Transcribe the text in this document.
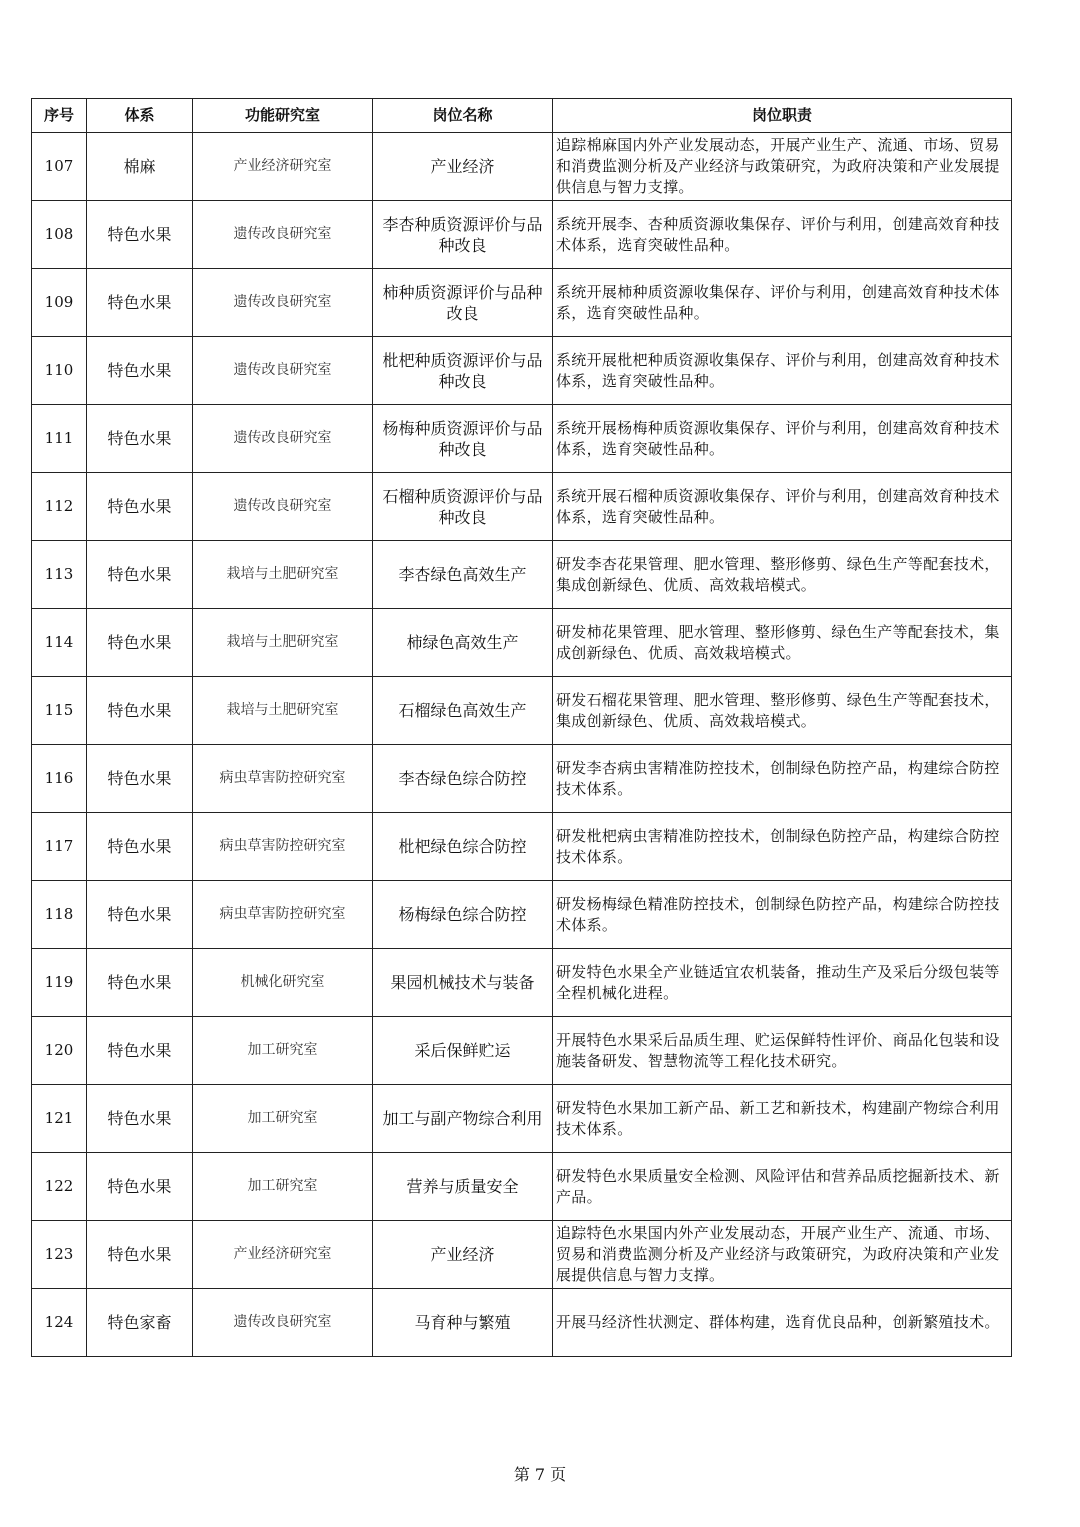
序号	体系	功能研究室	岗位名称	岗位职责
107	棉麻	产业经济研究室	产业经济	追踪棉麻国内外产业发展动态，开展产业生产、流通、市场、贸易和消费监测分析及产业经济与政策研究，为政府决策和产业发展提供信息与智力支撑。
108	特色水果	遗传改良研究室	李杏种质资源评价与品种改良	系统开展李、杏种质资源收集保存、评价与利用，创建高效育种技术体系，选育突破性品种。
109	特色水果	遗传改良研究室	柿种质资源评价与品种改良	系统开展柿种质资源收集保存、评价与利用，创建高效育种技术体系，选育突破性品种。
110	特色水果	遗传改良研究室	枇杷种质资源评价与品种改良	系统开展枇杷种质资源收集保存、评价与利用，创建高效育种技术体系，选育突破性品种。
111	特色水果	遗传改良研究室	杨梅种质资源评价与品种改良	系统开展杨梅种质资源收集保存、评价与利用，创建高效育种技术体系，选育突破性品种。
112	特色水果	遗传改良研究室	石榴种质资源评价与品种改良	系统开展石榴种质资源收集保存、评价与利用，创建高效育种技术体系，选育突破性品种。
113	特色水果	栽培与土肥研究室	李杏绿色高效生产	研发李杏花果管理、肥水管理、整形修剪、绿色生产等配套技术，集成创新绿色、优质、高效栽培模式。
114	特色水果	栽培与土肥研究室	柿绿色高效生产	研发柿花果管理、肥水管理、整形修剪、绿色生产等配套技术，集成创新绿色、优质、高效栽培模式。
115	特色水果	栽培与土肥研究室	石榴绿色高效生产	研发石榴花果管理、肥水管理、整形修剪、绿色生产等配套技术，集成创新绿色、优质、高效栽培模式。
116	特色水果	病虫草害防控研究室	李杏绿色综合防控	研发李杏病虫害精准防控技术，创制绿色防控产品，构建综合防控技术体系。
117	特色水果	病虫草害防控研究室	枇杷绿色综合防控	研发枇杷病虫害精准防控技术，创制绿色防控产品，构建综合防控技术体系。
118	特色水果	病虫草害防控研究室	杨梅绿色综合防控	研发杨梅绿色精准防控技术，创制绿色防控产品，构建综合防控技术体系。
119	特色水果	机械化研究室	果园机械技术与装备	研发特色水果全产业链适宜农机装备，推动生产及采后分级包装等全程机械化进程。
120	特色水果	加工研究室	采后保鲜贮运	开展特色水果采后品质生理、贮运保鲜特性评价、商品化包装和设施装备研发、智慧物流等工程化技术研究。
121	特色水果	加工研究室	加工与副产物综合利用	研发特色水果加工新产品、新工艺和新技术，构建副产物综合利用技术体系。
122	特色水果	加工研究室	营养与质量安全	研发特色水果质量安全检测、风险评估和营养品质挖掘新技术、新产品。
123	特色水果	产业经济研究室	产业经济	追踪特色水果国内外产业发展动态，开展产业生产、流通、市场、贸易和消费监测分析及产业经济与政策研究，为政府决策和产业发展提供信息与智力支撑。
124	特色家畜	遗传改良研究室	马育种与繁殖	开展马经济性状测定、群体构建，选育优良品种，创新繁殖技术。
第 7 页
